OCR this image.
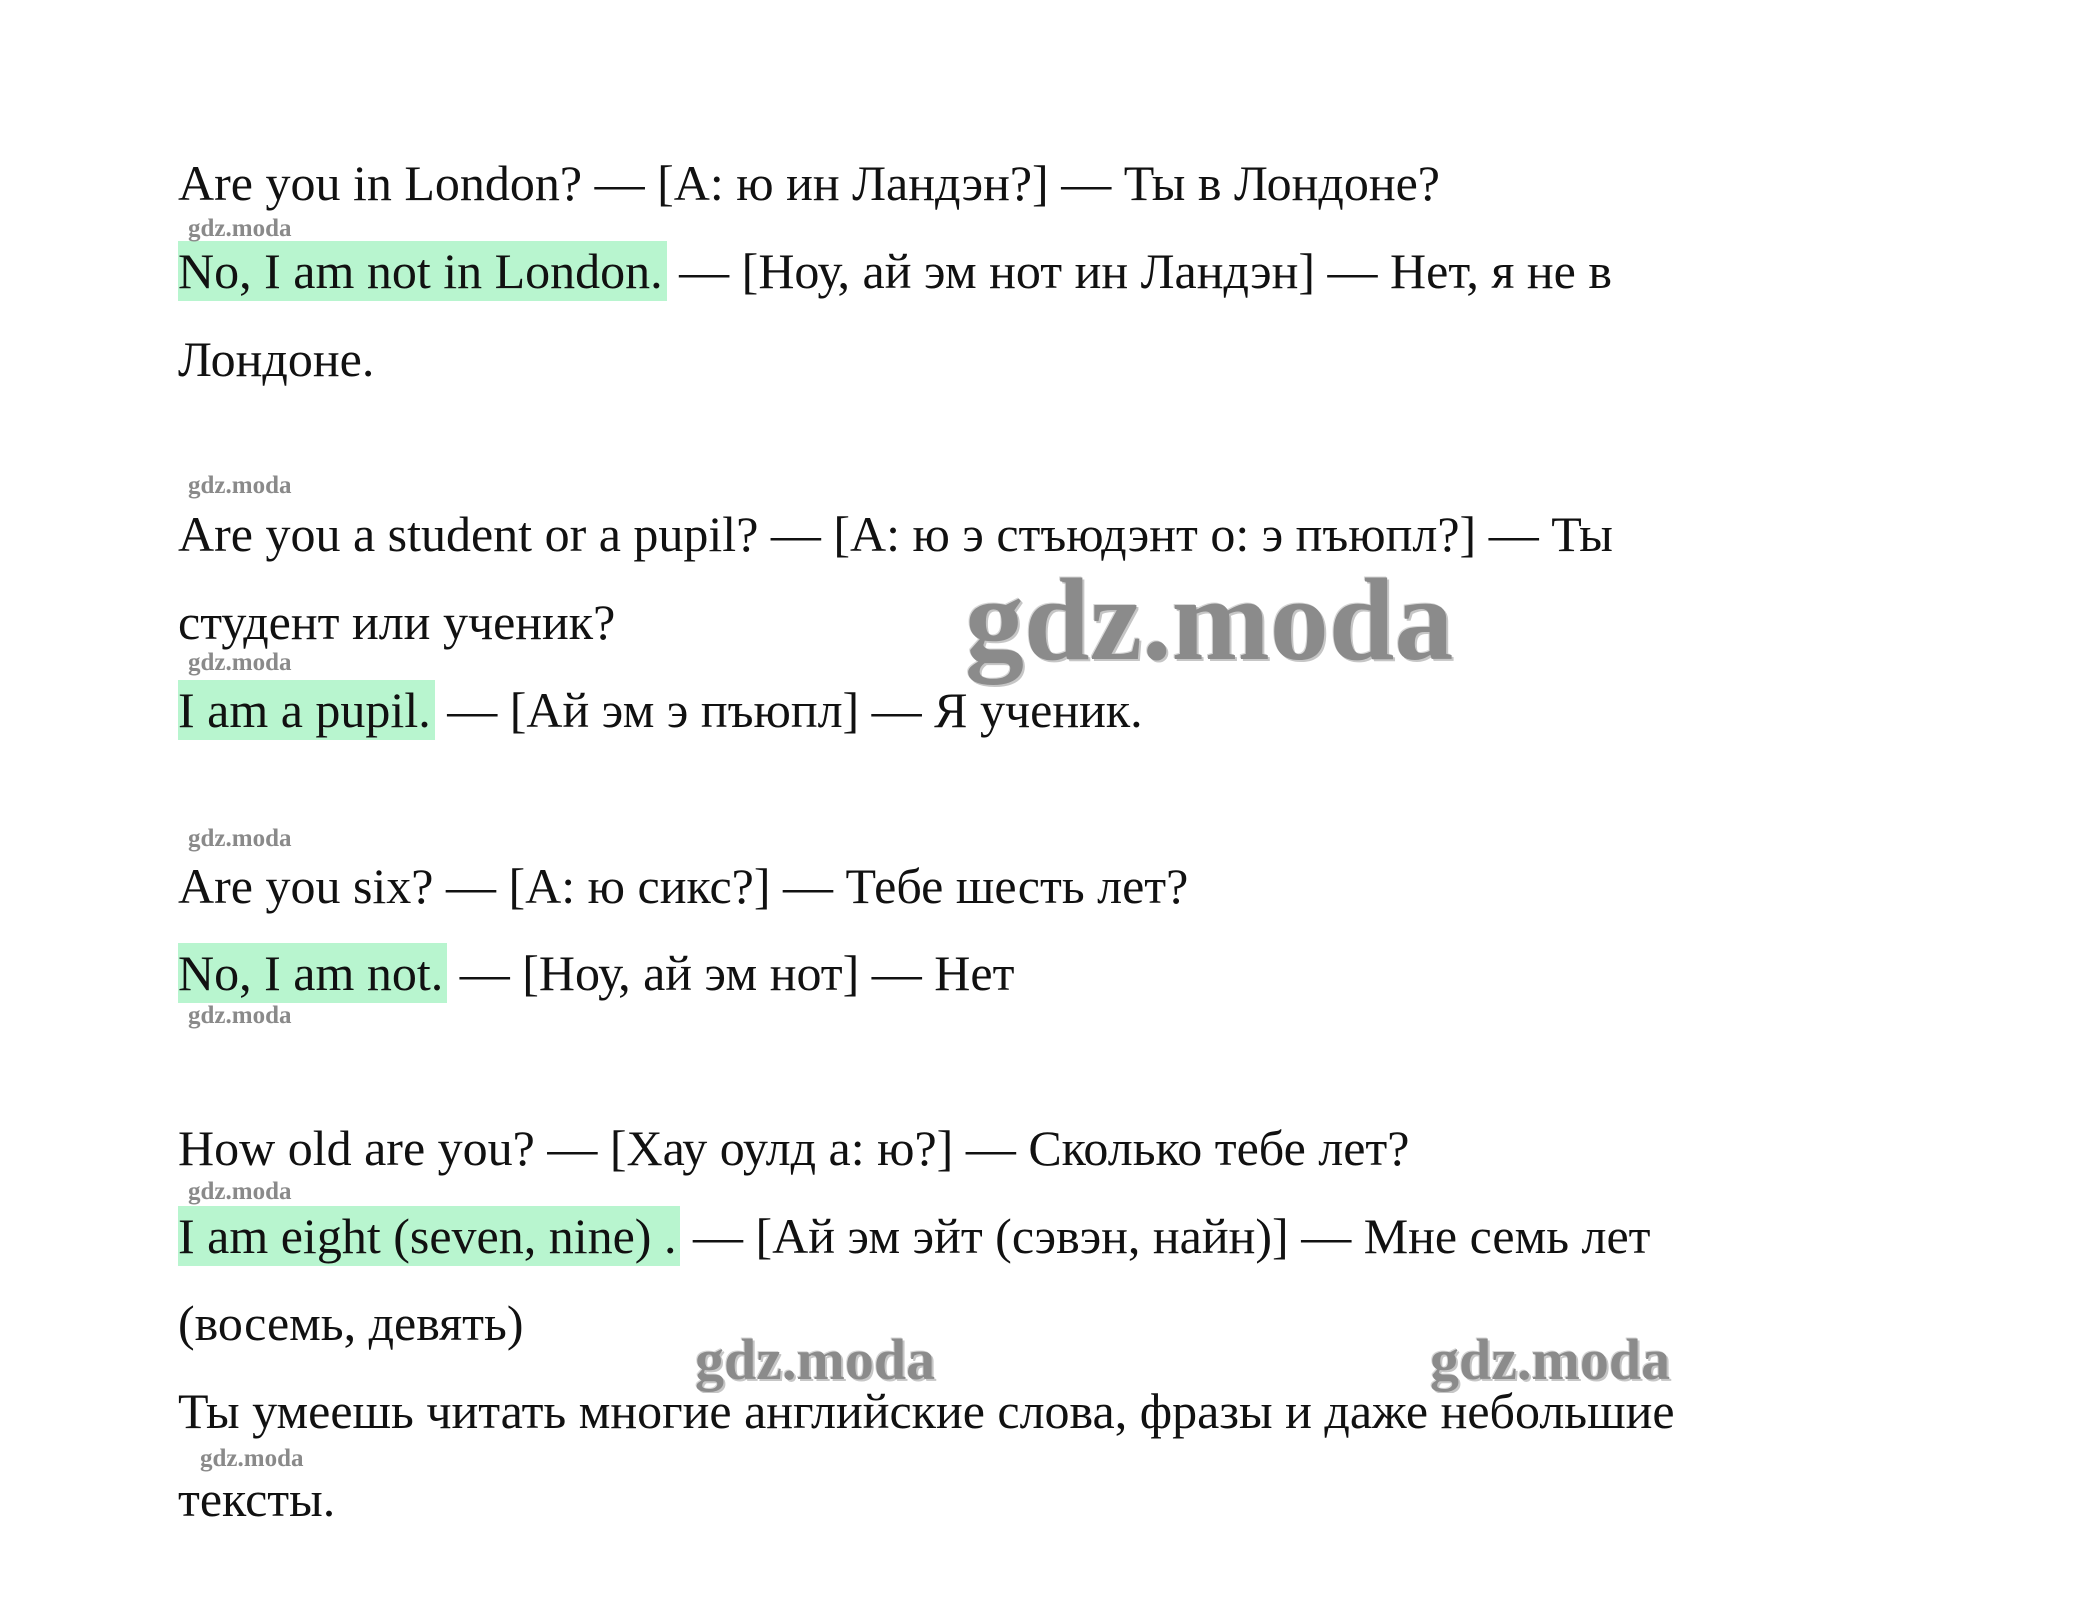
Are you in London? — [А: ю ин Ландэн?] — Ты в Лондоне?
No, I am not in London. — [Ноу, ай эм нот ин Ландэн] — Нет, я не в
Лондоне.
Are you a student or a pupil? — [А: ю э стъюдэнт о: э пъюпл?] — Ты
студент или ученик?
I am a pupil. — [Ай эм э пъюпл] — Я ученик.
Are you six? — [А: ю сикс?] — Тебе шесть лет?
No, I am not. — [Ноу, ай эм нот] — Нет
How old are you? — [Хау оулд а: ю?] — Сколько тебе лет?
I am eight (seven, nine) . — [Ай эм эйт (сэвэн, найн)] — Мне семь лет
(восемь, девять)
Ты умеешь читать многие английские слова, фразы и даже небольшие
тексты.
gdz.moda
gdz.moda
gdz.moda
gdz.moda
gdz.moda
gdz.moda
gdz.moda
gdz.moda
gdz.moda	gdz.moda
